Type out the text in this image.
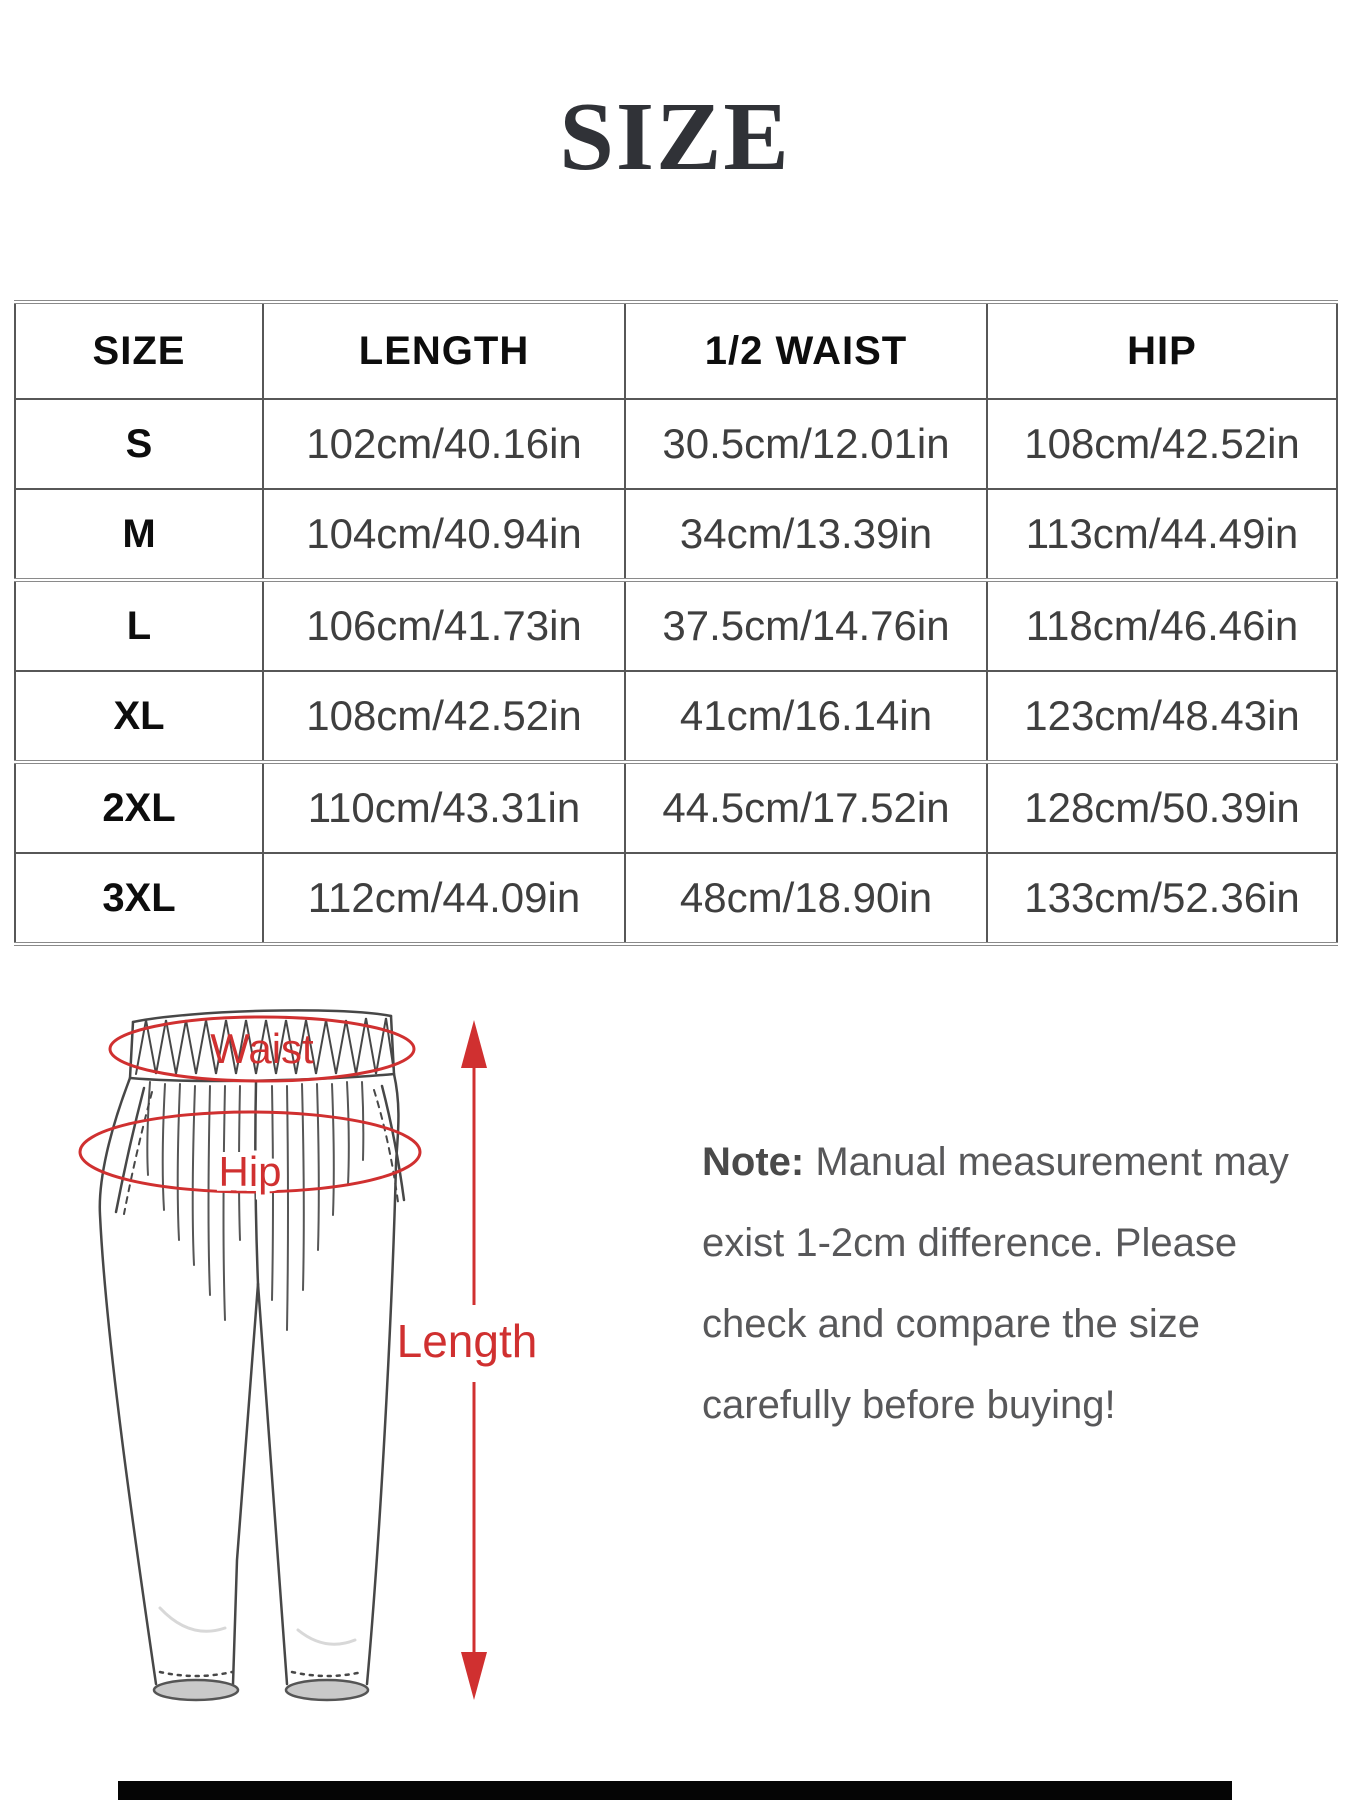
SIZE
SIZE	LENGTH	1/2 WAIST	HIP
S	102cm/40.16in	30.5cm/12.01in	108cm/42.52in
M	104cm/40.94in	34cm/13.39in	113cm/44.49in
L	106cm/41.73in	37.5cm/14.76in	118cm/46.46in
XL	108cm/42.52in	41cm/16.14in	123cm/48.43in
2XL	110cm/43.31in	44.5cm/17.52in	128cm/50.39in
3XL	112cm/44.09in	48cm/18.90in	133cm/52.36in
Waist
Hip
Length
Note: Manual measurement may
exist 1-2cm difference. Please
check and compare the size
carefully before buying!
